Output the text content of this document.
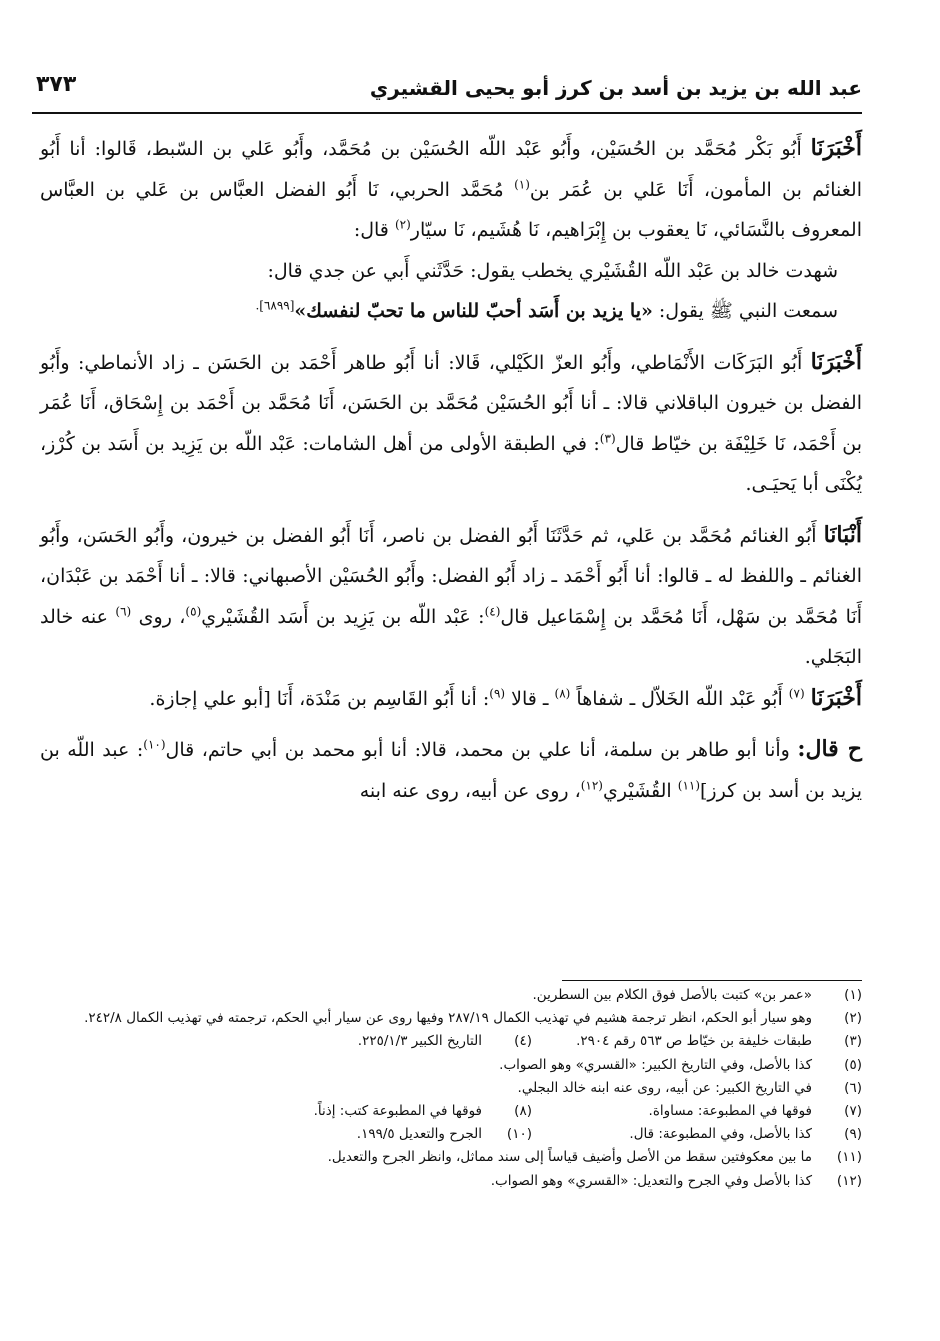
عبد الله بن يزيد بن أسد بن كرز أبو يحيى القشيري
٣٧٣

أَخْبَرَنَا أَبُو بَكْر مُحَمَّد بن الحُسَيْن، وأَبُو عَبْد اللّه الحُسَيْن بن مُحَمَّد، وأَبُو عَلي بن السّبط، قَالوا: أنا أَبُو الغنائم بن المأمون، أَنَا عَلي بن عُمَر بن$^{(١)}$ مُحَمَّد الحربي، نَا أَبُو الفضل العبَّاس بن عَلي بن العبَّاس المعروف بالنَّسَائي، نَا يعقوب بن إِبْرَاهيم، نَا هُشَيم، نَا سيّار$^{(٢)}$ قال:

شهدت خالد بن عَبْد اللّه القُشَيْري يخطب يقول: حَدَّثَني أَبي عن جدي قال:

سمعت النبي ﷺ يقول: «يا يزيد بن أَسَد أحبّ للناس ما تحبّ لنفسك»$^{[٦٨٩٩].}$

أَخْبَرَنَا أَبُو البَرَكَات الأَنْمَاطي، وأَبُو العزّ الكَيْلي، قَالا: أنا أَبُو طاهر أَحْمَد بن الحَسَن ـ زاد الأنماطي: وأَبُو الفضل بن خيرون الباقلاني قالا: ـ أنا أَبُو الحُسَيْن مُحَمَّد بن الحَسَن، أَنَا مُحَمَّد بن أَحْمَد بن إِسْحَاق، أَنَا عُمَر بن أَحْمَد، نَا خَلِيْفَة بن خيّاط قال$^{(٣)}$: في الطبقة الأولى من أهل الشامات: عَبْد اللّه بن يَزِيد بن أَسَد بن كُرْز، يُكْنَى أبا يَحيَـى.

أَنْبَانَا أَبُو الغنائم مُحَمَّد بن عَلي، ثم حَدَّثَنَا أَبُو الفضل بن ناصر، أَنَا أَبُو الفضل بن خيرون، وأَبُو الحَسَن، وأَبُو الغنائم ـ واللفظ له ـ قالوا: أنا أَبُو أَحْمَد ـ زاد أَبُو الفضل: وأَبُو الحُسَيْن الأصبهاني: قالا: ـ أنا أَحْمَد بن عَبْدَان، أَنَا مُحَمَّد بن سَهْل، أَنَا مُحَمَّد بن إِسْمَاعيل قال$^{(٤)}$: عَبْد اللّه بن يَزِيد بن أَسَد القُشَيْري$^{(٥)}$، روى $^{(٦)}$ عنه خالد البَجَلي.

أَخْبَرَنَا $^{(٧)}$ أَبُو عَبْد اللّه الخَلاّل ـ شفاهاً $^{(٨)}$ ـ قالا $^{(٩)}$: أنا أَبُو القَاسِم بن مَنْدَة، أَنَا [أبو علي إجازة.

ح قال: وأنا أبو طاهر بن سلمة، أنا علي بن محمد، قالا: أنا أبو محمد بن أبي حاتم، قال$^{(١٠)}$: عبد اللّه بن يزيد بن أسد بن كرز]$^{(١١)}$ القُشَيْري$^{(١٢)}$، روى عن أبيه، روى عنه ابنه

(١)
«عمر بن» كتبت بالأصل فوق الكلام بين السطرين.
(٢)
وهو سيار أبو الحكم، انظر ترجمة هشيم في تهذيب الكمال ٢٨٧/١٩ وفيها روى عن سيار أبي الحكم، ترجمته في تهذيب الكمال ٢٤٢/٨.
(٣)
طبقات خليفة بن خيّاط ص ٥٦٣ رقم ٢٩٠٤.
(٤)
التاريخ الكبير ٢٢٥/١/٣.
(٥)
كذا بالأصل، وفي التاريخ الكبير: «القسري» وهو الصواب.
(٦)
في التاريخ الكبير: عن أبيه، روى عنه ابنه خالد البجلي.
(٧)
فوقها في المطبوعة: مساواة.
(٨)
فوقها في المطبوعة كتب: إذناً.
(٩)
كذا بالأصل، وفي المطبوعة: قال.
(١٠)
الجرح والتعديل ١٩٩/٥.
(١١)
ما بين معكوفتين سقط من الأصل وأضيف قياساً إلى سند مماثل، وانظر الجرح والتعديل.
(١٢)
كذا بالأصل وفي الجرح والتعديل: «القسري» وهو الصواب.
